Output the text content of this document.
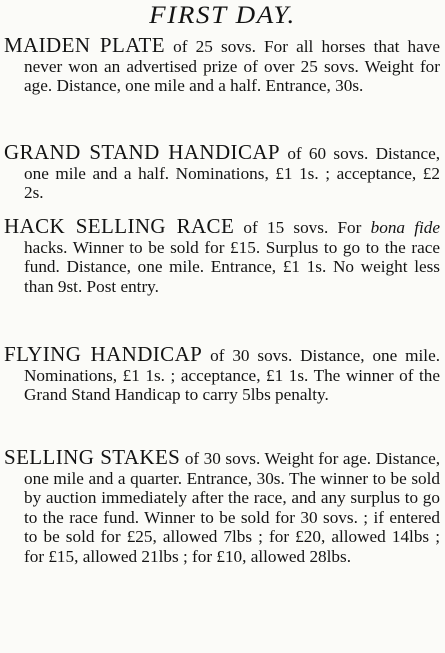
FIRST DAY.

MAIDEN PLATE of 25 sovs. For all horses that have never won an advertised prize of over 25 sovs. Weight for age. Distance, one mile and a half. Entrance, 30s.

GRAND STAND HANDICAP of 60 sovs. Distance, one mile and a half. Nominations, £1 1s. ; acceptance, £2 2s.

HACK SELLING RACE of 15 sovs. For bona fide hacks. Winner to be sold for £15. Surplus to go to the race fund. Distance, one mile. Entrance, £1 1s. No weight less than 9st. Post entry.

FLYING HANDICAP of 30 sovs. Distance, one mile. Nominations, £1 1s. ; acceptance, £1 1s. The winner of the Grand Stand Handicap to carry 5lbs penalty.

SELLING STAKES of 30 sovs. Weight for age. Distance, one mile and a quarter. Entrance, 30s. The winner to be sold by auction immediately after the race, and any surplus to go to the race fund. Winner to be sold for 30 sovs. ; if entered to be sold for £25, allowed 7lbs ; for £20, allowed 14lbs ; for £15, allowed 21lbs ; for £10, allowed 28lbs.
